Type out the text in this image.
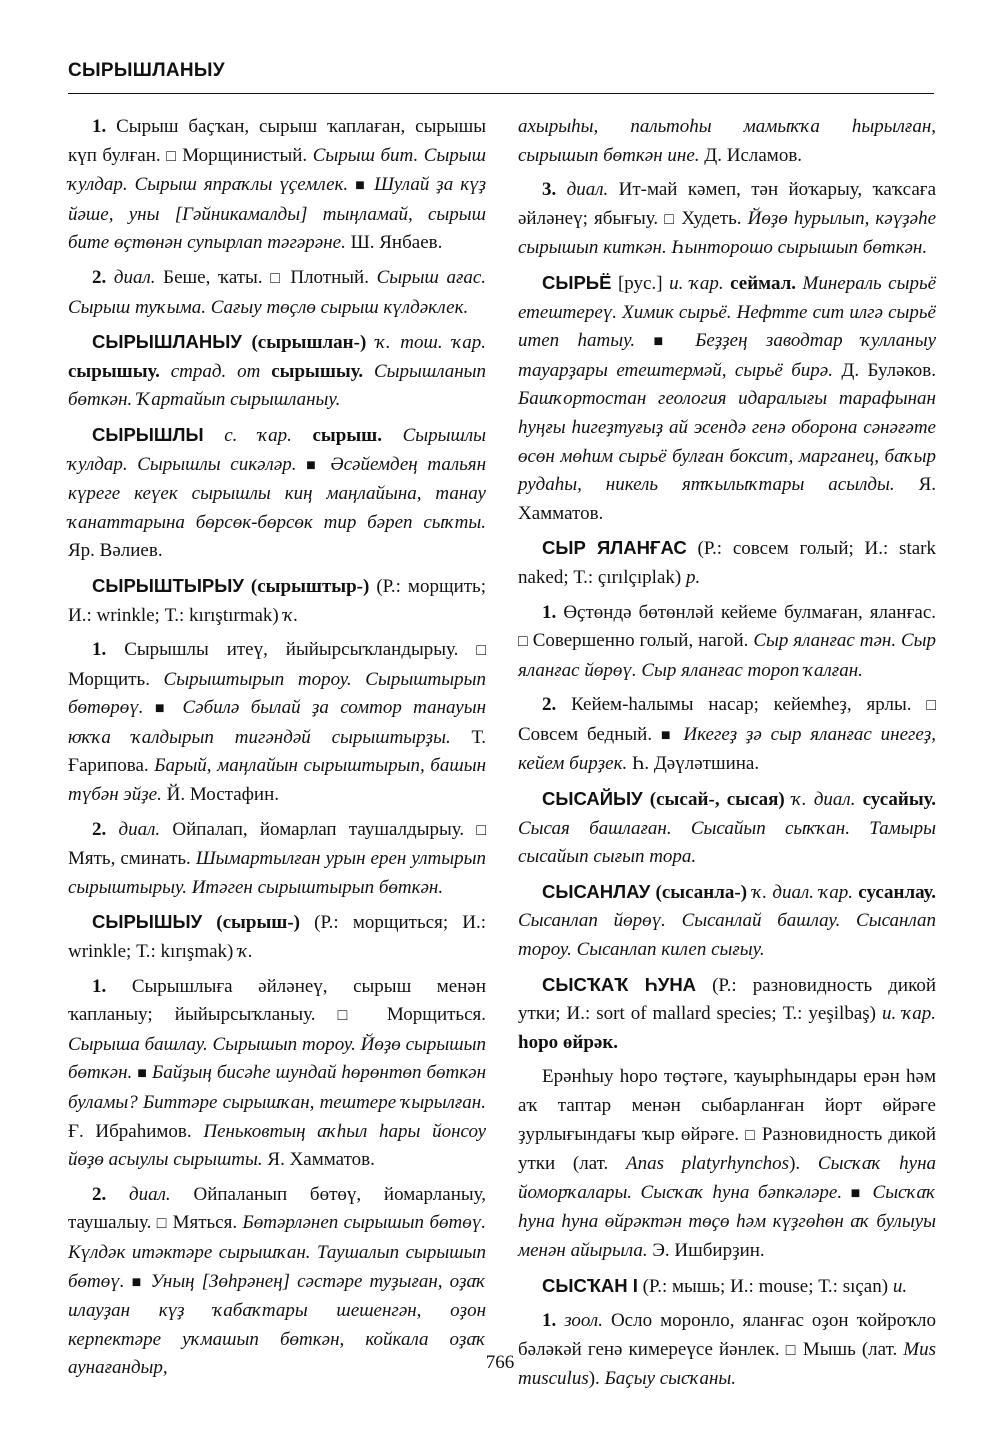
СЫРЫШЛАНЫУ

1. Сырыш баҫҡан, сырыш ҡаплаған, сырышы күп булған. □ Морщинистый. Сырыш бит. Сырыш ҡулдар. Сырыш япраҡлы үҫемлек. ■ Шулай ҙа күҙ йәше, уны [Гәйникамалды] тыңламай, сырыш бите өҫтөнән супырлап тәгәрәне. Ш. Янбаев.

2. диал. Беше, ҡаты. □ Плотный. Сырыш ағас. Сырыш туҡыма. Сағыу төҫлө сырыш күлдәклек.

СЫРЫШЛАНЫУ (сырышлан-) ҡ. тош. ҡар. сырышыу. страд. от сырышыу. Сырышланып бөткән. Ҡартайып сырышланыу.

СЫРЫШЛЫ с. ҡар. сырыш. Сырышлы ҡулдар. Сырышлы сикәләр. ■ Әсәйемдең тальян күреге кеүек сырышлы киң маңлайына, танау ҡанаттарына бөрсөк-бөрсөк тир бәреп сыҡты. Яр. Вәлиев.

СЫРЫШТЫРЫУ (сырыштыр-) (Р.: морщить; И.: wrinkle; Т.: kırıştırmak) ҡ.

1. Сырышлы итеү, йыйырсыҡландырыу. □ Морщить. Сырыштырып тороу. Сырыштырып бөтөрөү. ■ Сәбилә былай ҙа сомтор танауын юҡҡа ҡалдырып тигәндәй сырыштырҙы. Т. Ғарипова. Барый, маңлайын сырыштырып, башын түбән эйҙе. Й. Мостафин.

2. диал. Ойпалап, йомарлап таушалдырыу. □ Мять, сминать. Шымартылған урын ерен ултырып сырыштырыу. Итәген сырыштырып бөткән.

СЫРЫШЫУ (сырыш-) (Р.: морщиться; И.: wrinkle; Т.: kırışmak) ҡ.

1. Сырышлыға әйләнеү, сырыш менән ҡапланыу; йыйырсыҡланыу. □ Морщиться. Сырыша башлау. Сырышып тороу. Йөҙө сырышып бөткән. ■ Байҙың бисәһе шундай һөрөнтөп бөткән буламы? Биттәре сырышҡан, тештере ҡырылған. Ғ. Ибраһимов. Пеньковтың аҡһыл һары йонсоу йөҙө асыулы сырышты. Я. Хамматов.

2. диал. Ойпаланып бөтөү, йомарланыу, таушалыу. □ Мяться. Бөтәрләнеп сырышып бөтөү. Күлдәк итәктәре сырышҡан. Таушалып сырышып бөтөү. ■ Уның [Зөһрәнең] сәстәре туҙыған, оҙаҡ илауҙан күҙ ҡабаҡтары шешенгән, оҙон керпектәре уҡмашып бөткән, койкала оҙаҡ аунағандыр,

ахырыһы, пальтоһы мамыҡҡа һырылған, сырышып бөткән ине. Д. Исламов.

3. диал. Ит-май кәмеп, тән йоҡарыу, ҡаҡсаға әйләнеү; ябығыу. □ Худеть. Йөҙө һурылып, кәүҙәһе сырышып киткән. Һынторошо сырышып бөткән.

СЫРЬЁ [рус.] и. ҡар. сеймал. Минераль сырьё етештереү. Химик сырьё. Нефтте сит илгә сырьё итеп һатыу. ■ Беҙҙең заводтар ҡулланыу тауарҙары етештермәй, сырьё бирә. Д. Буләков. Башҡортостан геология идаралығы тарафынан һуңғы һигеҙтуғыҙ ай эсендә генә оборона сәнәғәте өсөн мөһим сырьё булған боксит, марганец, баҡыр рудаһы, никель ятҡылыҡтары асылды. Я. Хамматов.

СЫР ЯЛАНҒАС (Р.: совсем голый; И.: stark naked; Т.: çırılçıplak) р.

1. Өҫтөндә бөтөнләй кейеме булмаған, яланғас. □ Совершенно голый, нагой. Сыр яланғас тән. Сыр яланғас йөрөү. Сыр яланғас тороп ҡалған.

2. Кейем-һалымы насар; кейемһеҙ, ярлы. □ Совсем бедный. ■ Икегеҙ ҙә сыр яланғас инегеҙ, кейем бирҙек. Һ. Дәүләтшина.

СЫСАЙЫУ (сысай-, сысая) ҡ. диал. сусайыу. Сысая башлаған. Сысайып сыҡҡан. Тамыры сысайып сығып тора.

СЫСАНЛАУ (сысанла-) ҡ. диал. ҡар. сусанлау. Сысанлап йөрөү. Сысанлай башлау. Сысанлап тороу. Сысанлап килеп сығыу.

СЫСҠАҠ ҺУНА (Р.: разновидность дикой утки; И.: sort of mallard species; Т.: yeşilbaş) и. ҡар. һоро өйрәк.

Ерәнһыу һоро төҫтәге, ҡауырһындары ерән һәм аҡ таптар менән сыбарланған йорт өйрәге ҙурлығындағы ҡыр өйрәге. □ Разновидность дикой утки (лат. Anas platyrhynchos). Сысҡаҡ һуна йоморҡалары. Сысҡаҡ һуна бәпкәләре. ■ Сысҡаҡ һуна һуна өйрәктән төҫө һәм күҙгөһөн аҡ булыуы менән айырыла. Э. Ишбирҙин.

СЫСҠАН I (Р.: мышь; И.: mouse; Т.: sıçan) и.

1. зоол. Осло моронло, яланғас оҙон ҡойроҡло бәләкәй генә кимереүсе йәнлек. □ Мышь (лат. Mus musculus). Баҫыу сысҡаны.

766
